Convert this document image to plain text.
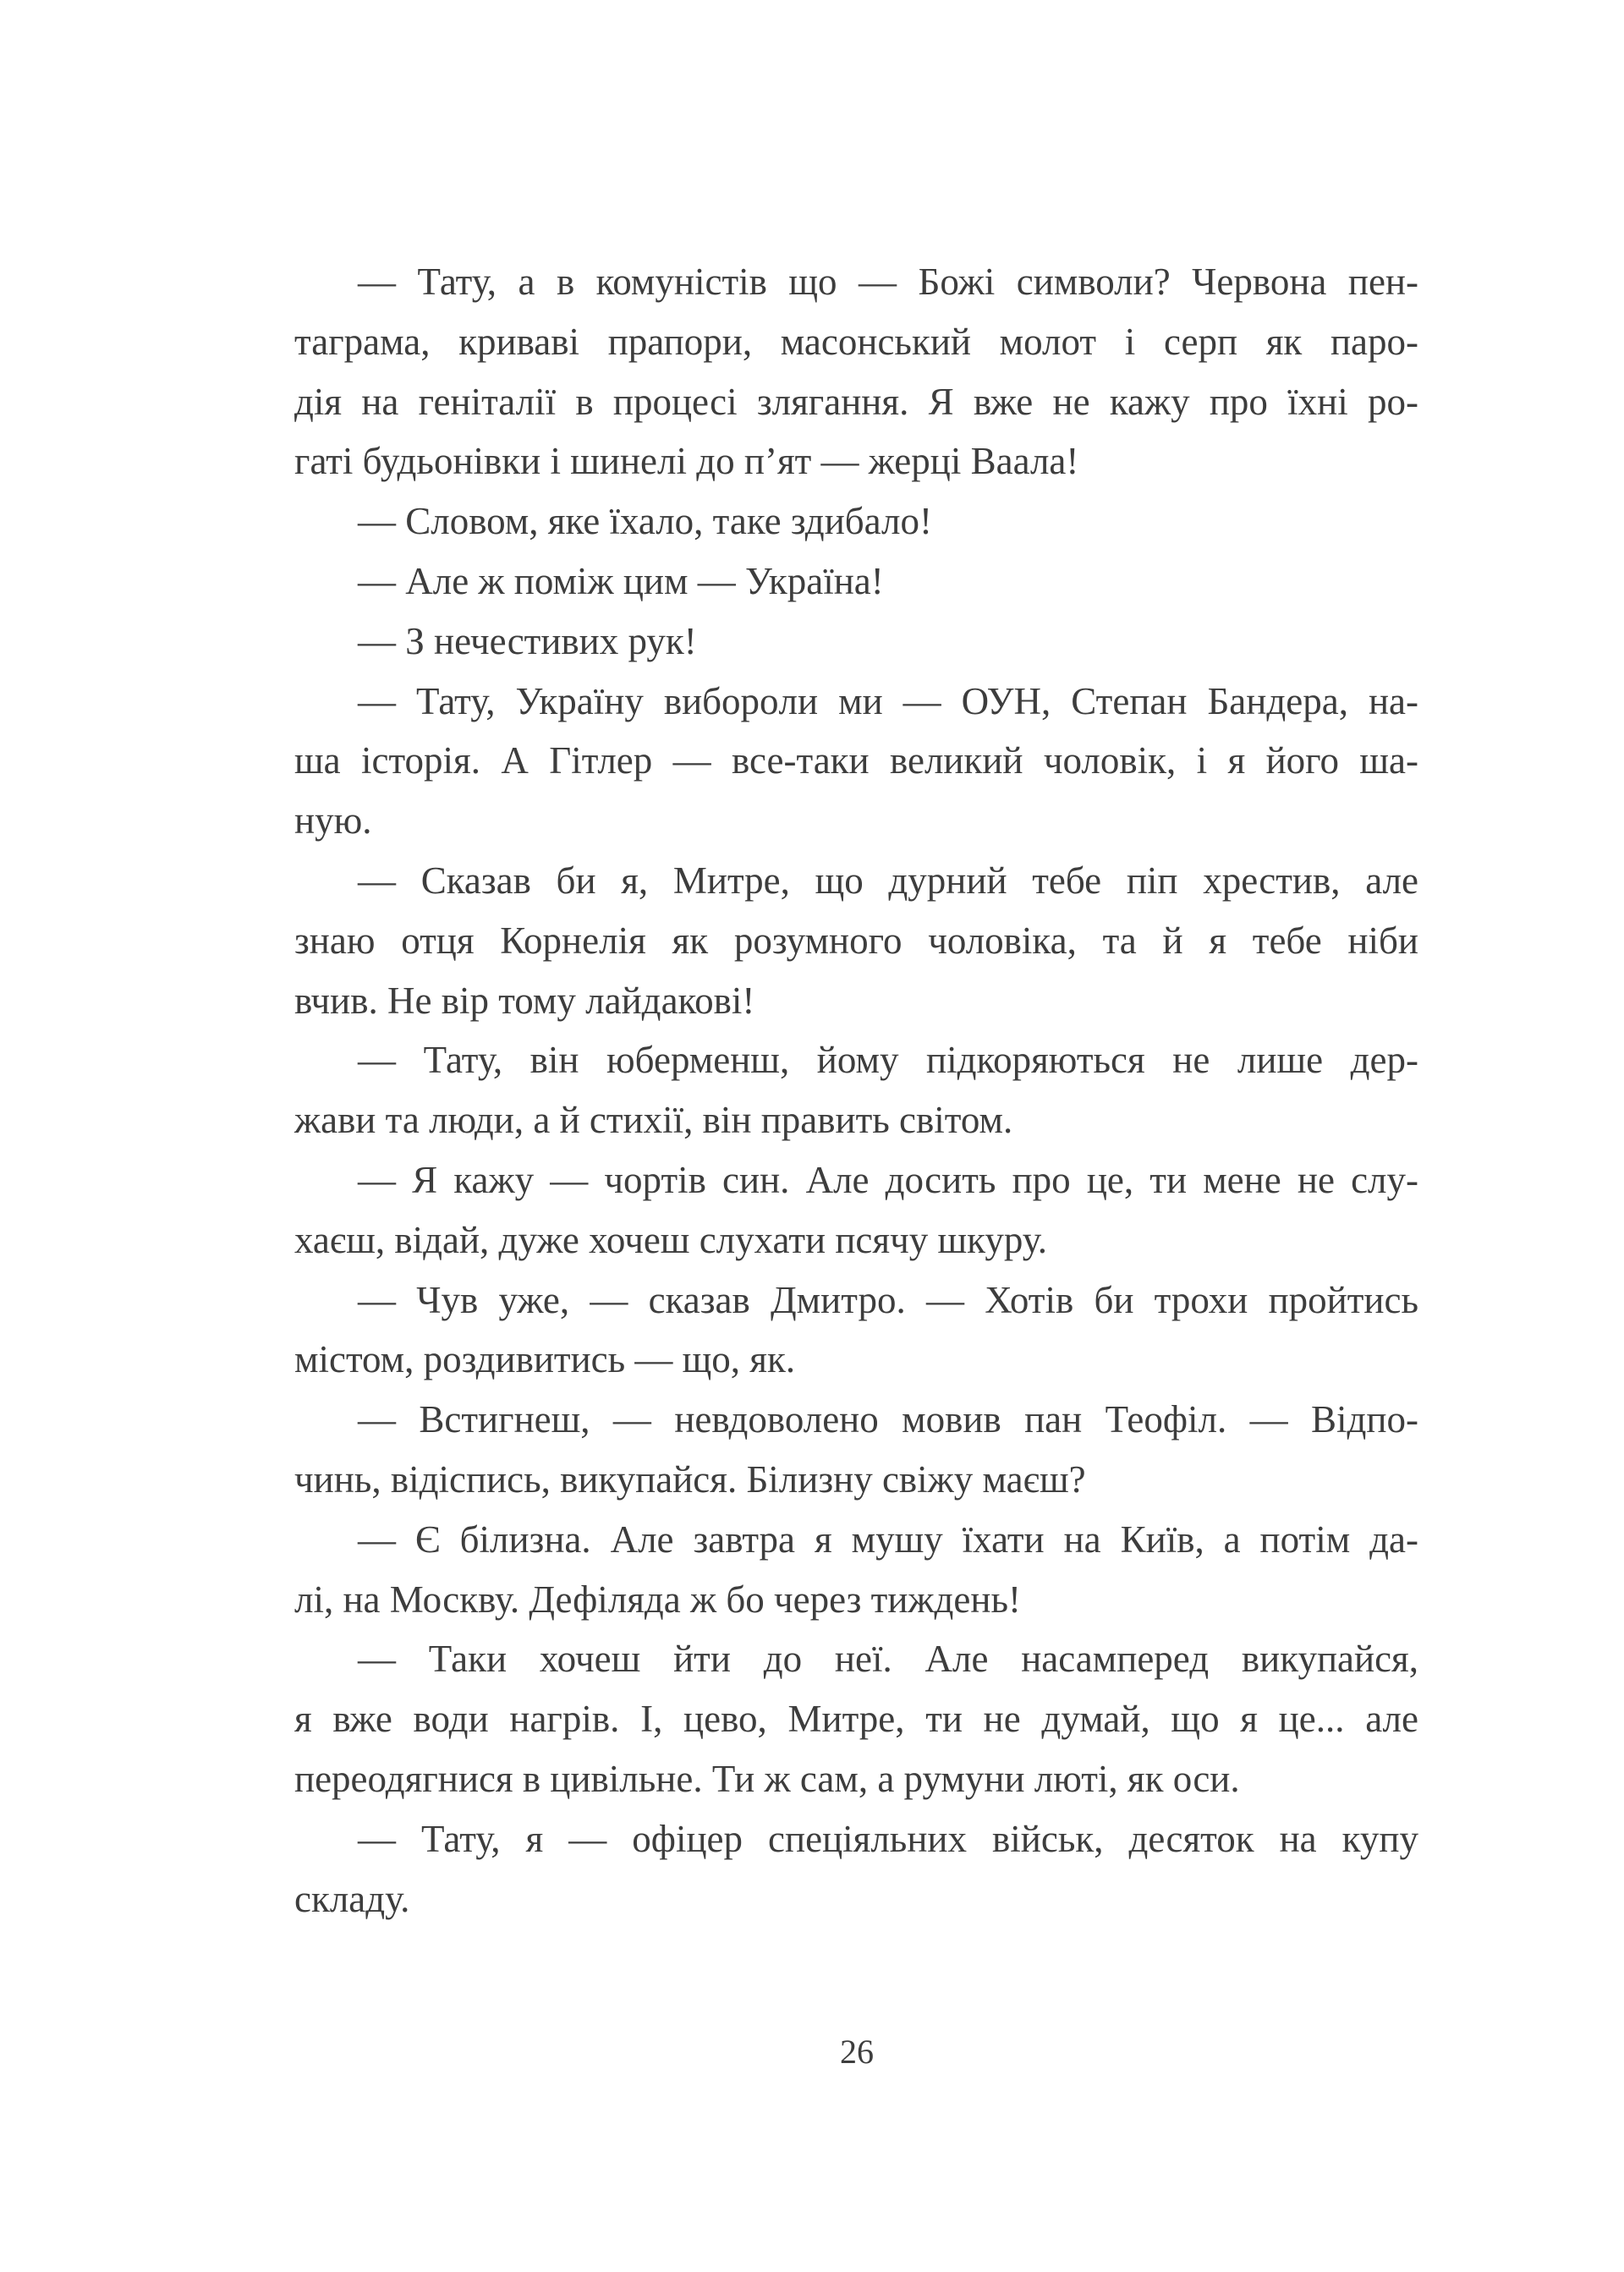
— Тату, а в комуністів що — Божі символи? Червона пен-
таграма, криваві прапори, масонський молот і серп як паро-
дія на геніталії в процесі злягання. Я вже не кажу про їхні ро-
гаті будьонівки і шинелі до п’ят — жерці Ваала!
— Словом, яке їхало, таке здибало!
— Але ж поміж цим — Україна!
— З нечестивих рук!
— Тату, Україну виборoли ми — ОУН, Степан Бандера, на-
ша історія. А Гітлер — все-таки великий чоловік, і я його ша-
ную.
— Сказав би я, Митре, що дурний тебе піп хрестив, але
знаю отця Корнелія як розумного чоловіка, та й я тебе ніби
вчив. Не вір тому лайдакові!
— Тату, він юберменш, йому підкоряються не лише дер-
жави та люди, а й стихії, він править світом.
— Я кажу — чортів син. Але досить про це, ти мене не слу-
хаєш, відай, дуже хочеш слухати псячу шкуру.
— Чув уже, — сказав Дмитро. — Хотів би трохи пройтись
містом, роздивитись — що, як.
— Встигнеш, — невдоволено мовив пан Теофіл. — Відпо-
чинь, відіспись, викупайся. Білизну свіжу маєш?
— Є білизна. Але завтра я мушу їхати на Київ, а потім да-
лі, на Москву. Дефіляда ж бо через тиждень!
— Таки хочеш йти до неї. Але насамперед викупайся,
я вже води нагрів. І, цево, Митре, ти не думай, що я це... але
переодягнися в цивільне. Ти ж сам, а румуни люті, як оси.
— Тату, я — офіцер спеціяльних військ, десяток на купу
складу.
26
